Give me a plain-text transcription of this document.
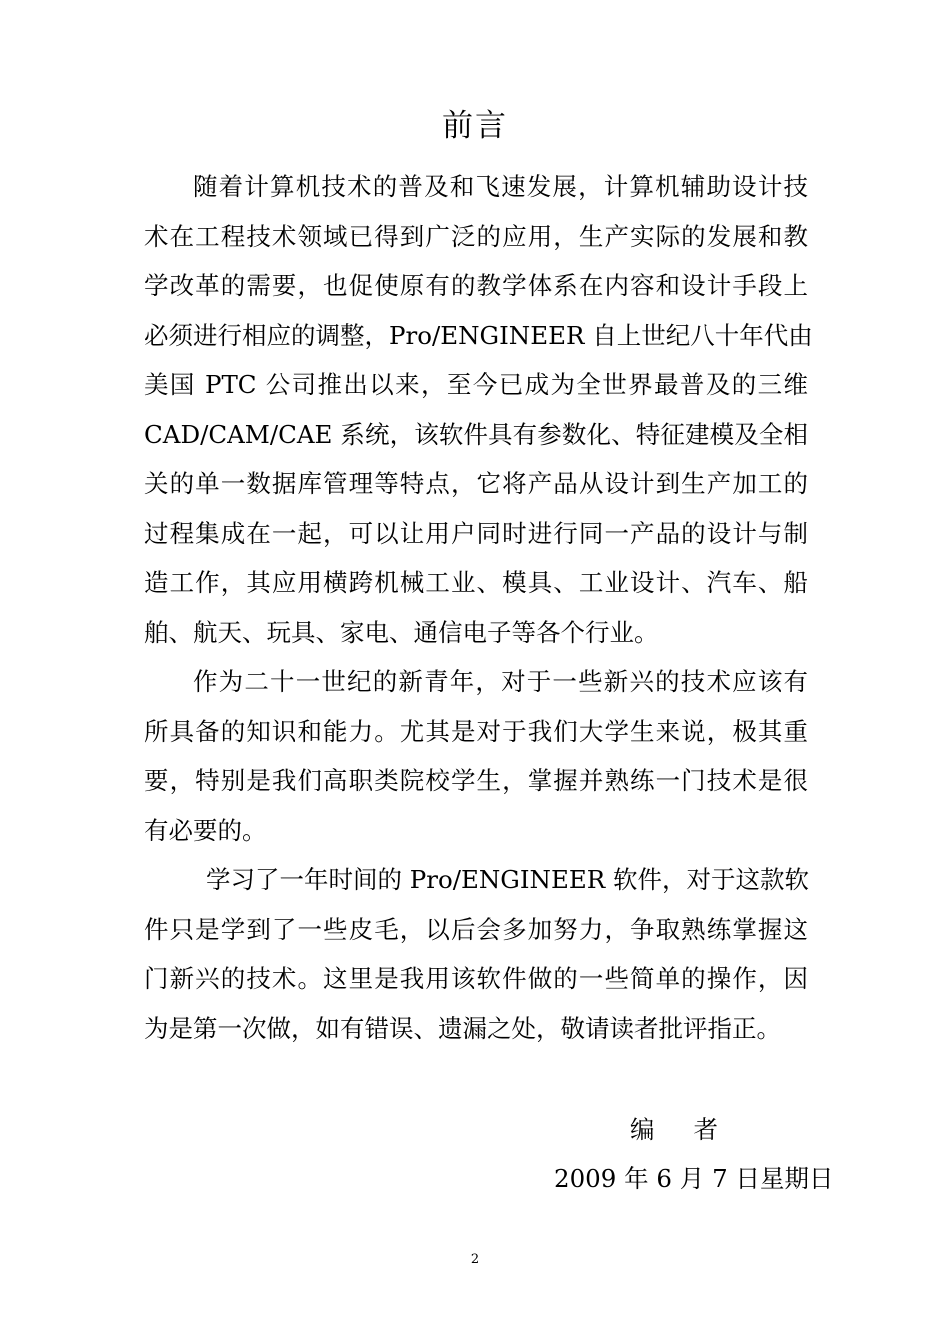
前言
随着计算机技术的普及和飞速发展，计算机辅助设计技
术在工程技术领域已得到广泛的应用，生产实际的发展和教
学改革的需要，也促使原有的教学体系在内容和设计手段上
必须进行相应的调整，Pro/ENGINEER 自上世纪八十年代由
美国 PTC 公司推出以来，至今已成为全世界最普及的三维
CAD/CAM/CAE 系统，该软件具有参数化、特征建模及全相
关的单一数据库管理等特点，它将产品从设计到生产加工的
过程集成在一起，可以让用户同时进行同一产品的设计与制
造工作，其应用横跨机械工业、模具、工业设计、汽车、船
舶、航天、玩具、家电、通信电子等各个行业。
作为二十一世纪的新青年，对于一些新兴的技术应该有
所具备的知识和能力。尤其是对于我们大学生来说，极其重
要，特别是我们高职类院校学生，掌握并熟练一门技术是很
有必要的。
学习了一年时间的 Pro/ENGINEER 软件，对于这款软
件只是学到了一些皮毛，以后会多加努力，争取熟练掌握这
门新兴的技术。这里是我用该软件做的一些简单的操作，因
为是第一次做，如有错误、遗漏之处，敬请读者批评指正。
编     者
2009 年 6 月 7 日星期日
2
